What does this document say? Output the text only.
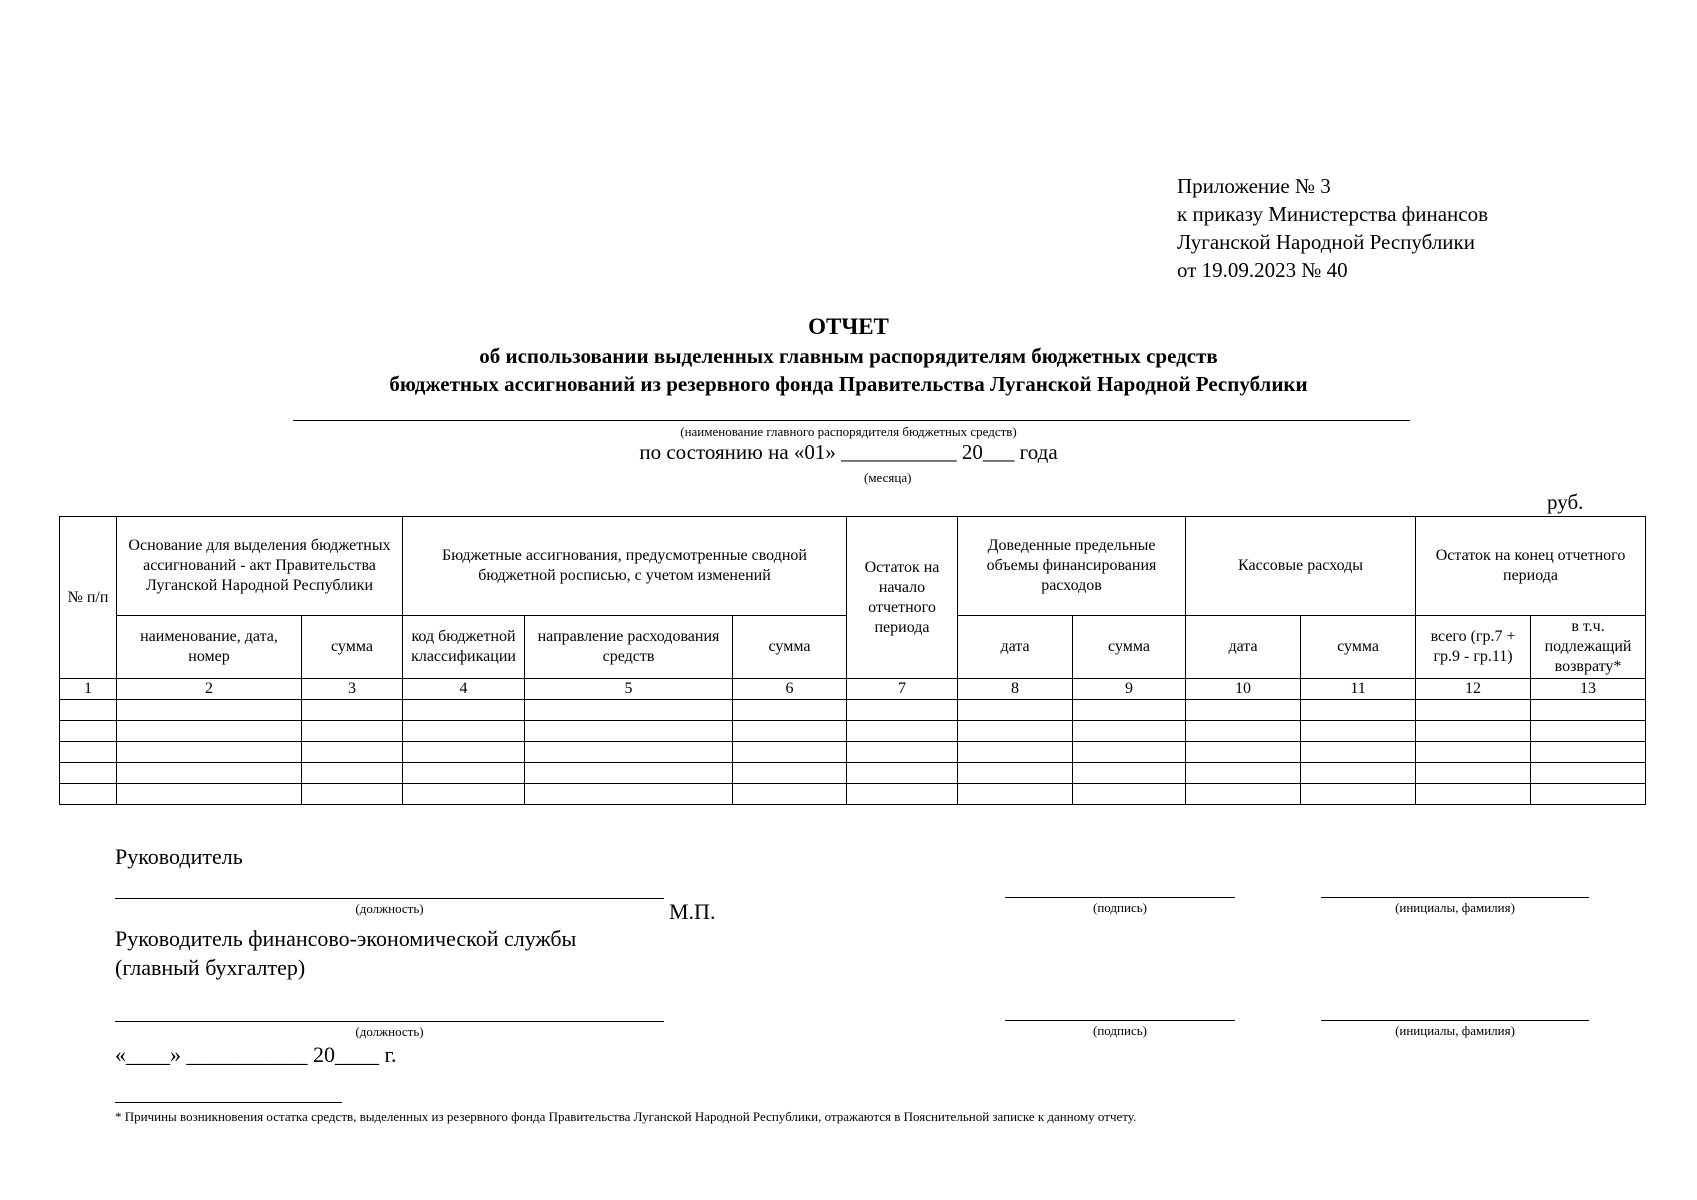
Приложение № 3
к приказу Министерства финансов
Луганской Народной Республики
от 19.09.2023 № 40
ОТЧЕТ
об использовании выделенных главным распорядителям бюджетных средств
бюджетных ассигнований из резервного фонда Правительства Луганской Народной Республики
(наименование главного распорядителя бюджетных средств)
по состоянию на «01» ___________ 20___ года
(месяца)
руб.
№ п/п	Основание для выделения бюджетных ассигнований - акт Правительства Луганской Народной Республики		Бюджетные ассигнования, предусмотренные сводной бюджетной росписью, с учетом изменений			Остаток на начало отчетного периода	Доведенные предельные объемы финансирования расходов		Кассовые расходы		Остаток на конец отчетного периода	
	наименование, дата, номер	сумма	код бюджетной классификации	направление расходования средств	сумма		дата	сумма	дата	сумма	всего (гр.7 + гр.9 - гр.11)	в т.ч. подлежащий возврату*
1	2	3	4	5	6	7	8	9	10	11	12	13

Руководитель
(должность)	М.П.	(подпись)	(инициалы, фамилия)
Руководитель финансово-экономической службы
(главный бухгалтер)
(должность)	(подпись)	(инициалы, фамилия)
«____» ___________ 20____ г.
* Причины возникновения остатка средств, выделенных из резервного фонда Правительства Луганской Народной Республики, отражаются в Пояснительной записке к данному отчету.
